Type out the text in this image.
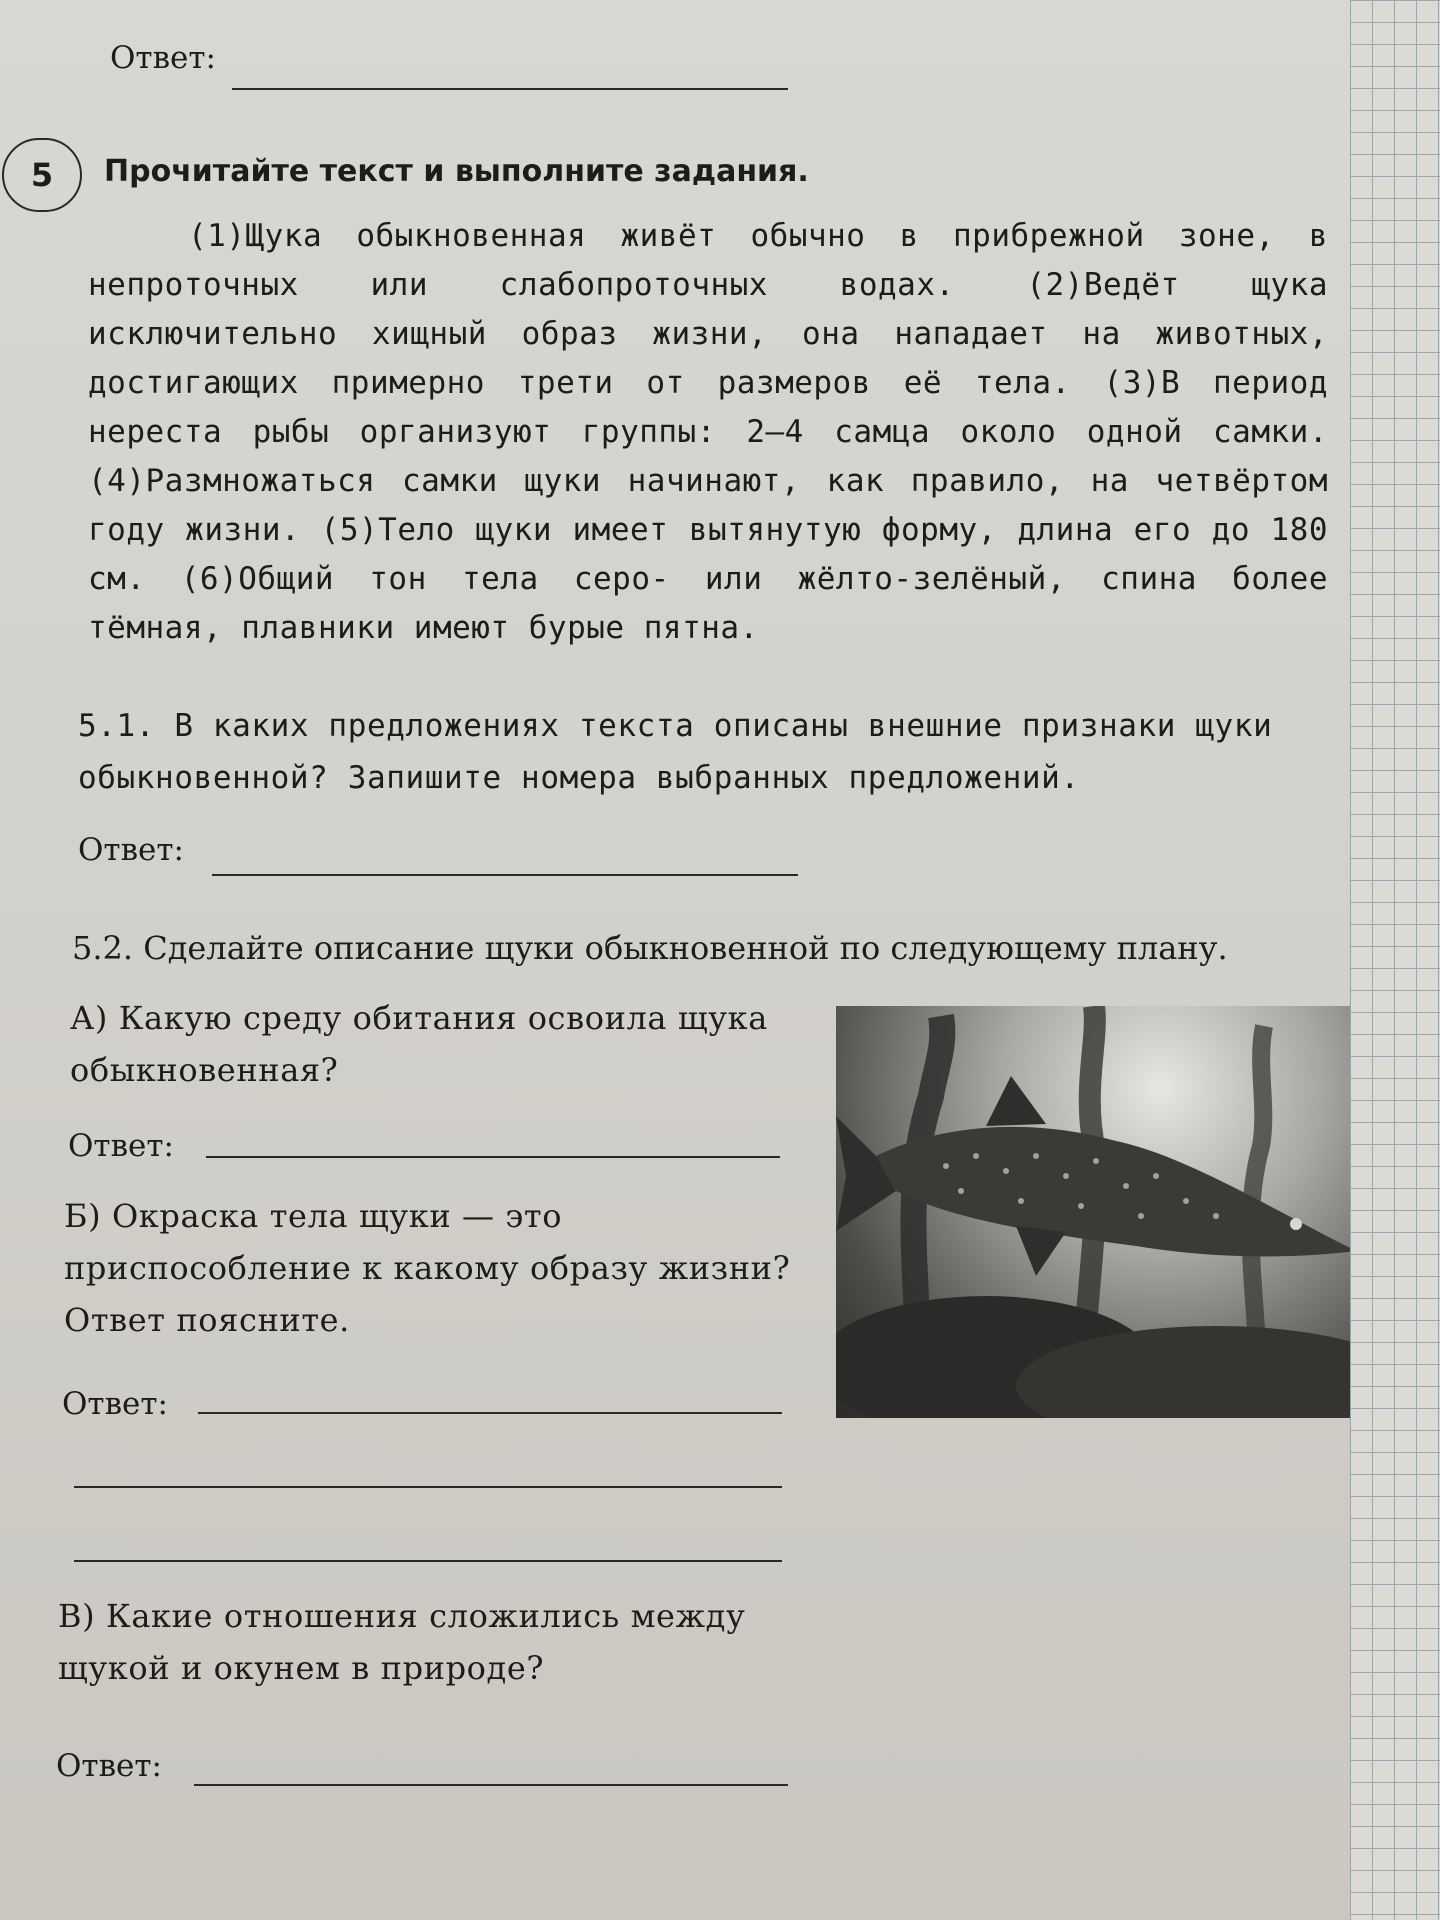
Ответ:
5	Прочитайте текст и выполните задания.
(1)Щука обыкновенная живёт обычно в прибрежной зоне, в непроточных или слабопроточных водах. (2)Ведёт щука исключительно хищный образ жизни, она нападает на животных, достигающих примерно трети от размеров её тела. (3)В период нереста рыбы организуют группы: 2–4 самца около одной самки. (4)Размножаться самки щуки начинают, как правило, на четвёртом году жизни. (5)Тело щуки имеет вытянутую форму, длина его до 180 см. (6)Общий тон тела серо- или жёлто-зелёный, спина более тёмная, плавники имеют бурые пятна.
5.1. В каких предложениях текста описаны внешние признаки щуки обыкновенной? Запишите номера выбранных предложений.
Ответ:
5.2. Сделайте описание щуки обыкновенной по следующему плану.
А) Какую среду обитания освоила щука обыкновенная?
Ответ:
Б) Окраска тела щуки — это приспособление к какому образу жизни? Ответ поясните.
Ответ:
В) Какие отношения сложились между щукой и окунем в природе?
Ответ:
